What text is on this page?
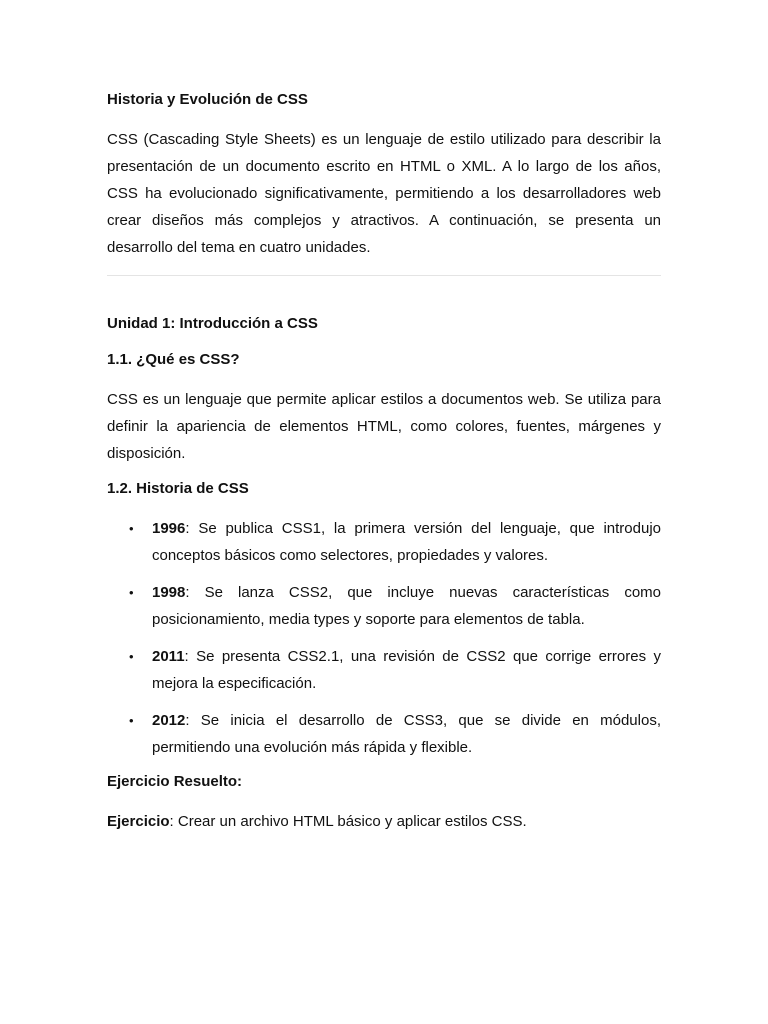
Historia y Evolución de CSS

CSS (Cascading Style Sheets) es un lenguaje de estilo utilizado para describir la presentación de un documento escrito en HTML o XML. A lo largo de los años, CSS ha evolucionado significativamente, permitiendo a los desarrolladores web crear diseños más complejos y atractivos. A continuación, se presenta un desarrollo del tema en cuatro unidades.

Unidad 1: Introducción a CSS
1.1. ¿Qué es CSS?

CSS es un lenguaje que permite aplicar estilos a documentos web. Se utiliza para definir la apariencia de elementos HTML, como colores, fuentes, márgenes y disposición.

1.2. Historia de CSS
• 1996: Se publica CSS1, la primera versión del lenguaje, que introdujo conceptos básicos como selectores, propiedades y valores.
• 1998: Se lanza CSS2, que incluye nuevas características como posicionamiento, media types y soporte para elementos de tabla.
• 2011: Se presenta CSS2.1, una revisión de CSS2 que corrige errores y mejora la especificación.
• 2012: Se inicia el desarrollo de CSS3, que se divide en módulos, permitiendo una evolución más rápida y flexible.
Ejercicio Resuelto:

Ejercicio: Crear un archivo HTML básico y aplicar estilos CSS.
